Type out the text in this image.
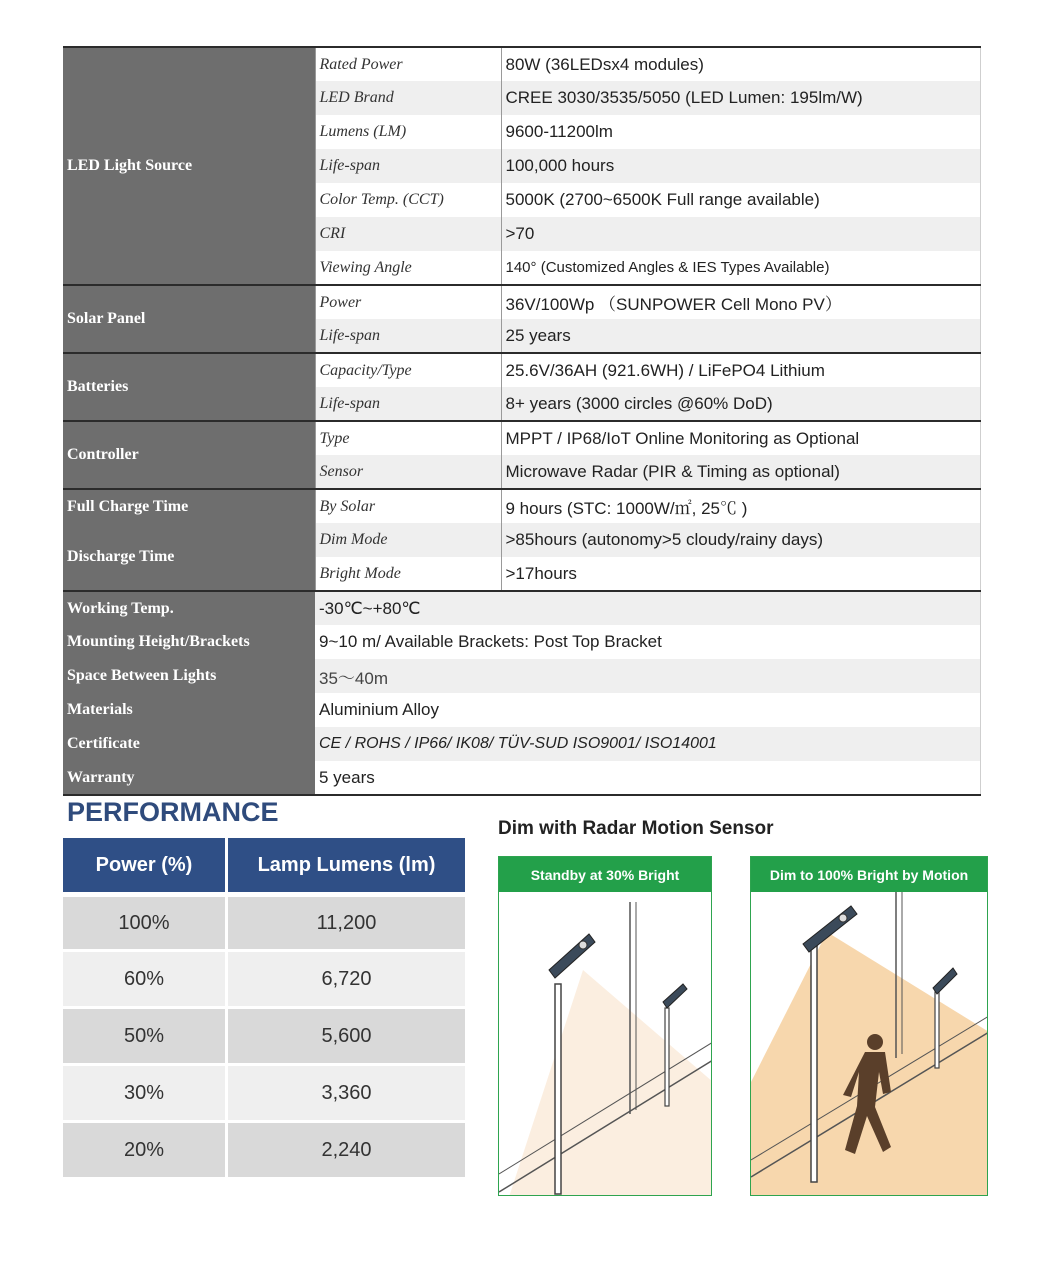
LED Light Source	Rated Power	80W (36LEDsx4 modules)
	LED Brand	CREE 3030/3535/5050 (LED Lumen: 195lm/W)
	Lumens (LM)	9600-11200lm
	Life-span	100,000 hours
	Color Temp. (CCT)	5000K (2700~6500K Full range available)
	CRI	>70
	Viewing Angle	140° (Customized Angles & IES Types Available)
Solar Panel	Power	36V/100Wp （SUNPOWER Cell Mono PV）
	Life-span	25 years
Batteries	Capacity/Type	25.6V/36AH (921.6WH) / LiFePO4 Lithium
	Life-span	8+ years (3000 circles @60% DoD)
Controller	Type	MPPT / IP68/IoT Online Monitoring as Optional
	Sensor	Microwave Radar (PIR & Timing as optional)
Full Charge Time	By Solar	9 hours (STC: 1000W/㎡, 25℃ )
Discharge Time	Dim Mode	>85hours (autonomy>5 cloudy/rainy days)
	Bright Mode	>17hours
Working Temp.	-30℃~+80℃	
Mounting Height/Brackets	9~10 m/ Available Brackets: Post Top Bracket	
Space Between Lights	35～40m	
Materials	Aluminium Alloy	
Certificate	CE / ROHS / IP66/ IK08/ TÜV-SUD ISO9001/ ISO14001	
Warranty	5 years	
PERFORMANCE
Power (%)	Lamp Lumens (lm)
100%	11,200
60%	6,720
50%	5,600
30%	3,360
20%	2,240
Dim with Radar Motion Sensor
Standby at 30% Bright	Dim to 100% Bright by Motion
